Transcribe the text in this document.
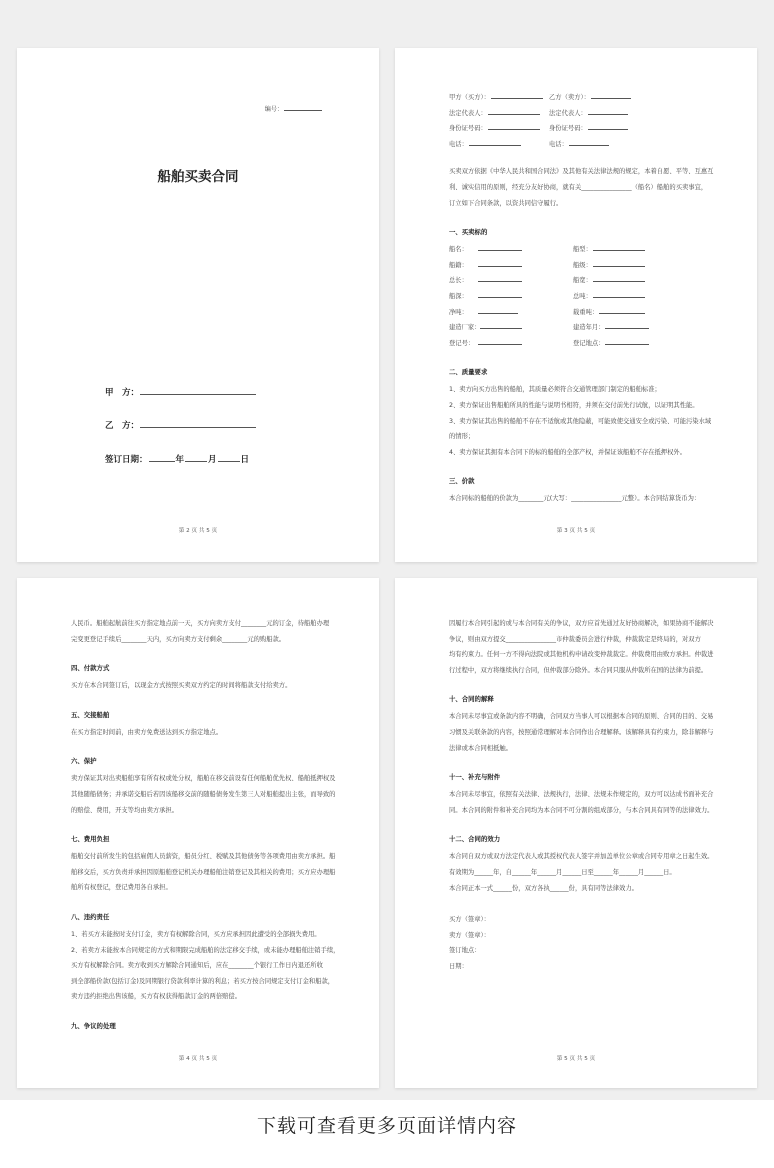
编号：
船舶买卖合同
甲　方：
乙　方：
签订日期：	年	月	日
第 2 页 共 5 页
甲方（买方）：	乙方（卖方）：
法定代表人：	法定代表人：
身份证号码：	身份证号码：
电话：	电话：

买卖双方依据《中华人民共和国合同法》及其他有关法律法规的规定，本着自愿、平等、互惠互

利、诚实信用的原则，经充分友好协商，就有关________________（船名）船舶的买卖事宜，

订立如下合同条款，以资共同信守履行。

一、买卖标的
船名：	船型：
船籍：	船级：
总长：	船宽：
船深：	总吨：
净吨：	载重吨：
建造厂家：	建造年月：
登记号：	登记地点：
二、质量要求

1、卖方向买方出售的船舶，其质量必须符合交通管理部门制定的船舶标准；

2、卖方保证出售船舶所具的性能与说明书相符，并须在交付前先行试航，以证明其性能。

3、卖方保证其出售的船舶不存在不适航或其他隐蔽，可能致使交通安全或污染、可能污染水域

的情形；

4、卖方保证其拥有本合同下的标的船舶的全部产权，并保证该船舶不存在抵押权外。

三、价款

本合同标的船舶的价款为________元(大写：________________元整）。本合同结算货币为：

第 3 页 共 5 页

人民币。船舶起航前往买方指定地点前一天，买方向卖方支付________元的订金，待船舶办理

完变更登记手续后________天内，买方向卖方支付剩余________元的购船款。

四、付款方式

买方在本合同签订后，以现金方式按照买卖双方约定的时间将船款支付给卖方。

五、交接船舶

在买方指定时间前，由卖方免费送达到买方指定地点。

六、保护

卖方保证其对出卖船舶享有所有权或处分权，船舶在移交前设有任何船舶优先权、船舶抵押权及

其他随船债务；并承诺交船后若因该船移交前的随船债务发生第三人对船舶提出主张，而导致的

的赔偿、费用，开支等均由卖方承担。

七、费用负担

船舶交付前所发生的包括雇佣人员薪资，船员分红、税赋及其他债务等各项费用由卖方承担。船

舶移交后，买方负责并承担因原船舶登记机关办理船舶注销登记及其相关的费用；买方应办理船

舶所有权登记，登记费用各自承担。

八、违约责任

1、若买方未能按时支付订金，卖方有权解除合同，买方应承担因此遭受的全部损失费用。

2、若卖方未能按本合同规定的方式和期限完成船舶的法定移交手续，或未能办理船舶注销手续，

买方有权解除合同。卖方收到买方解除合同通知后，应在________个银行工作日内退还所收

到全部船价款(包括订金)及同期银行贷款利率计算的利息；若买方按合同规定支付订金和船款，

卖方违约拒绝出售该船，买方有权获得船款订金的两倍赔偿。

九、争议的处理
第 4 页 共 5 页

因履行本合同引起的或与本合同有关的争议，双方应首先通过友好协商解决，如果协商不能解决

争议，则由双方提交________________市仲裁委员会进行仲裁，仲裁裁定是终局的，对双方

均有约束力。任何一方不得向法院或其他机构申请改变仲裁裁定。仲裁费用由败方承担。仲裁进

行过程中，双方将继续执行合同，但仲裁部分除外。本合同只服从仲裁所在国的法律为前提。

十、合同的解释

本合同未尽事宜或条款内容不明确，合同双方当事人可以根据本合同的原则、合同的目的、交易

习惯及关联条款的内容，按照通常理解对本合同作出合理解释。该解释具有约束力，除非解释与

法律或本合同相抵触。

十一、补充与附件

本合同未尽事宜，依照有关法律、法规执行，法律、法规未作规定的，双方可以达成书面补充合

同。本合同的附件和补充合同均为本合同不可分割的组成部分，与本合同具有同等的法律效力。

十二、合同的效力

本合同自双方或双方法定代表人或其授权代表人签字并加盖单位公章或合同专用章之日起生效。

有效期为______年，自______年______月______日至______年______月______日。

本合同正本一式______份，双方各执______份，具有同等法律效力。

买方（签章）：

卖方（签章）：

签订地点：

日期：

第 5 页 共 5 页
下载可查看更多页面详情内容
